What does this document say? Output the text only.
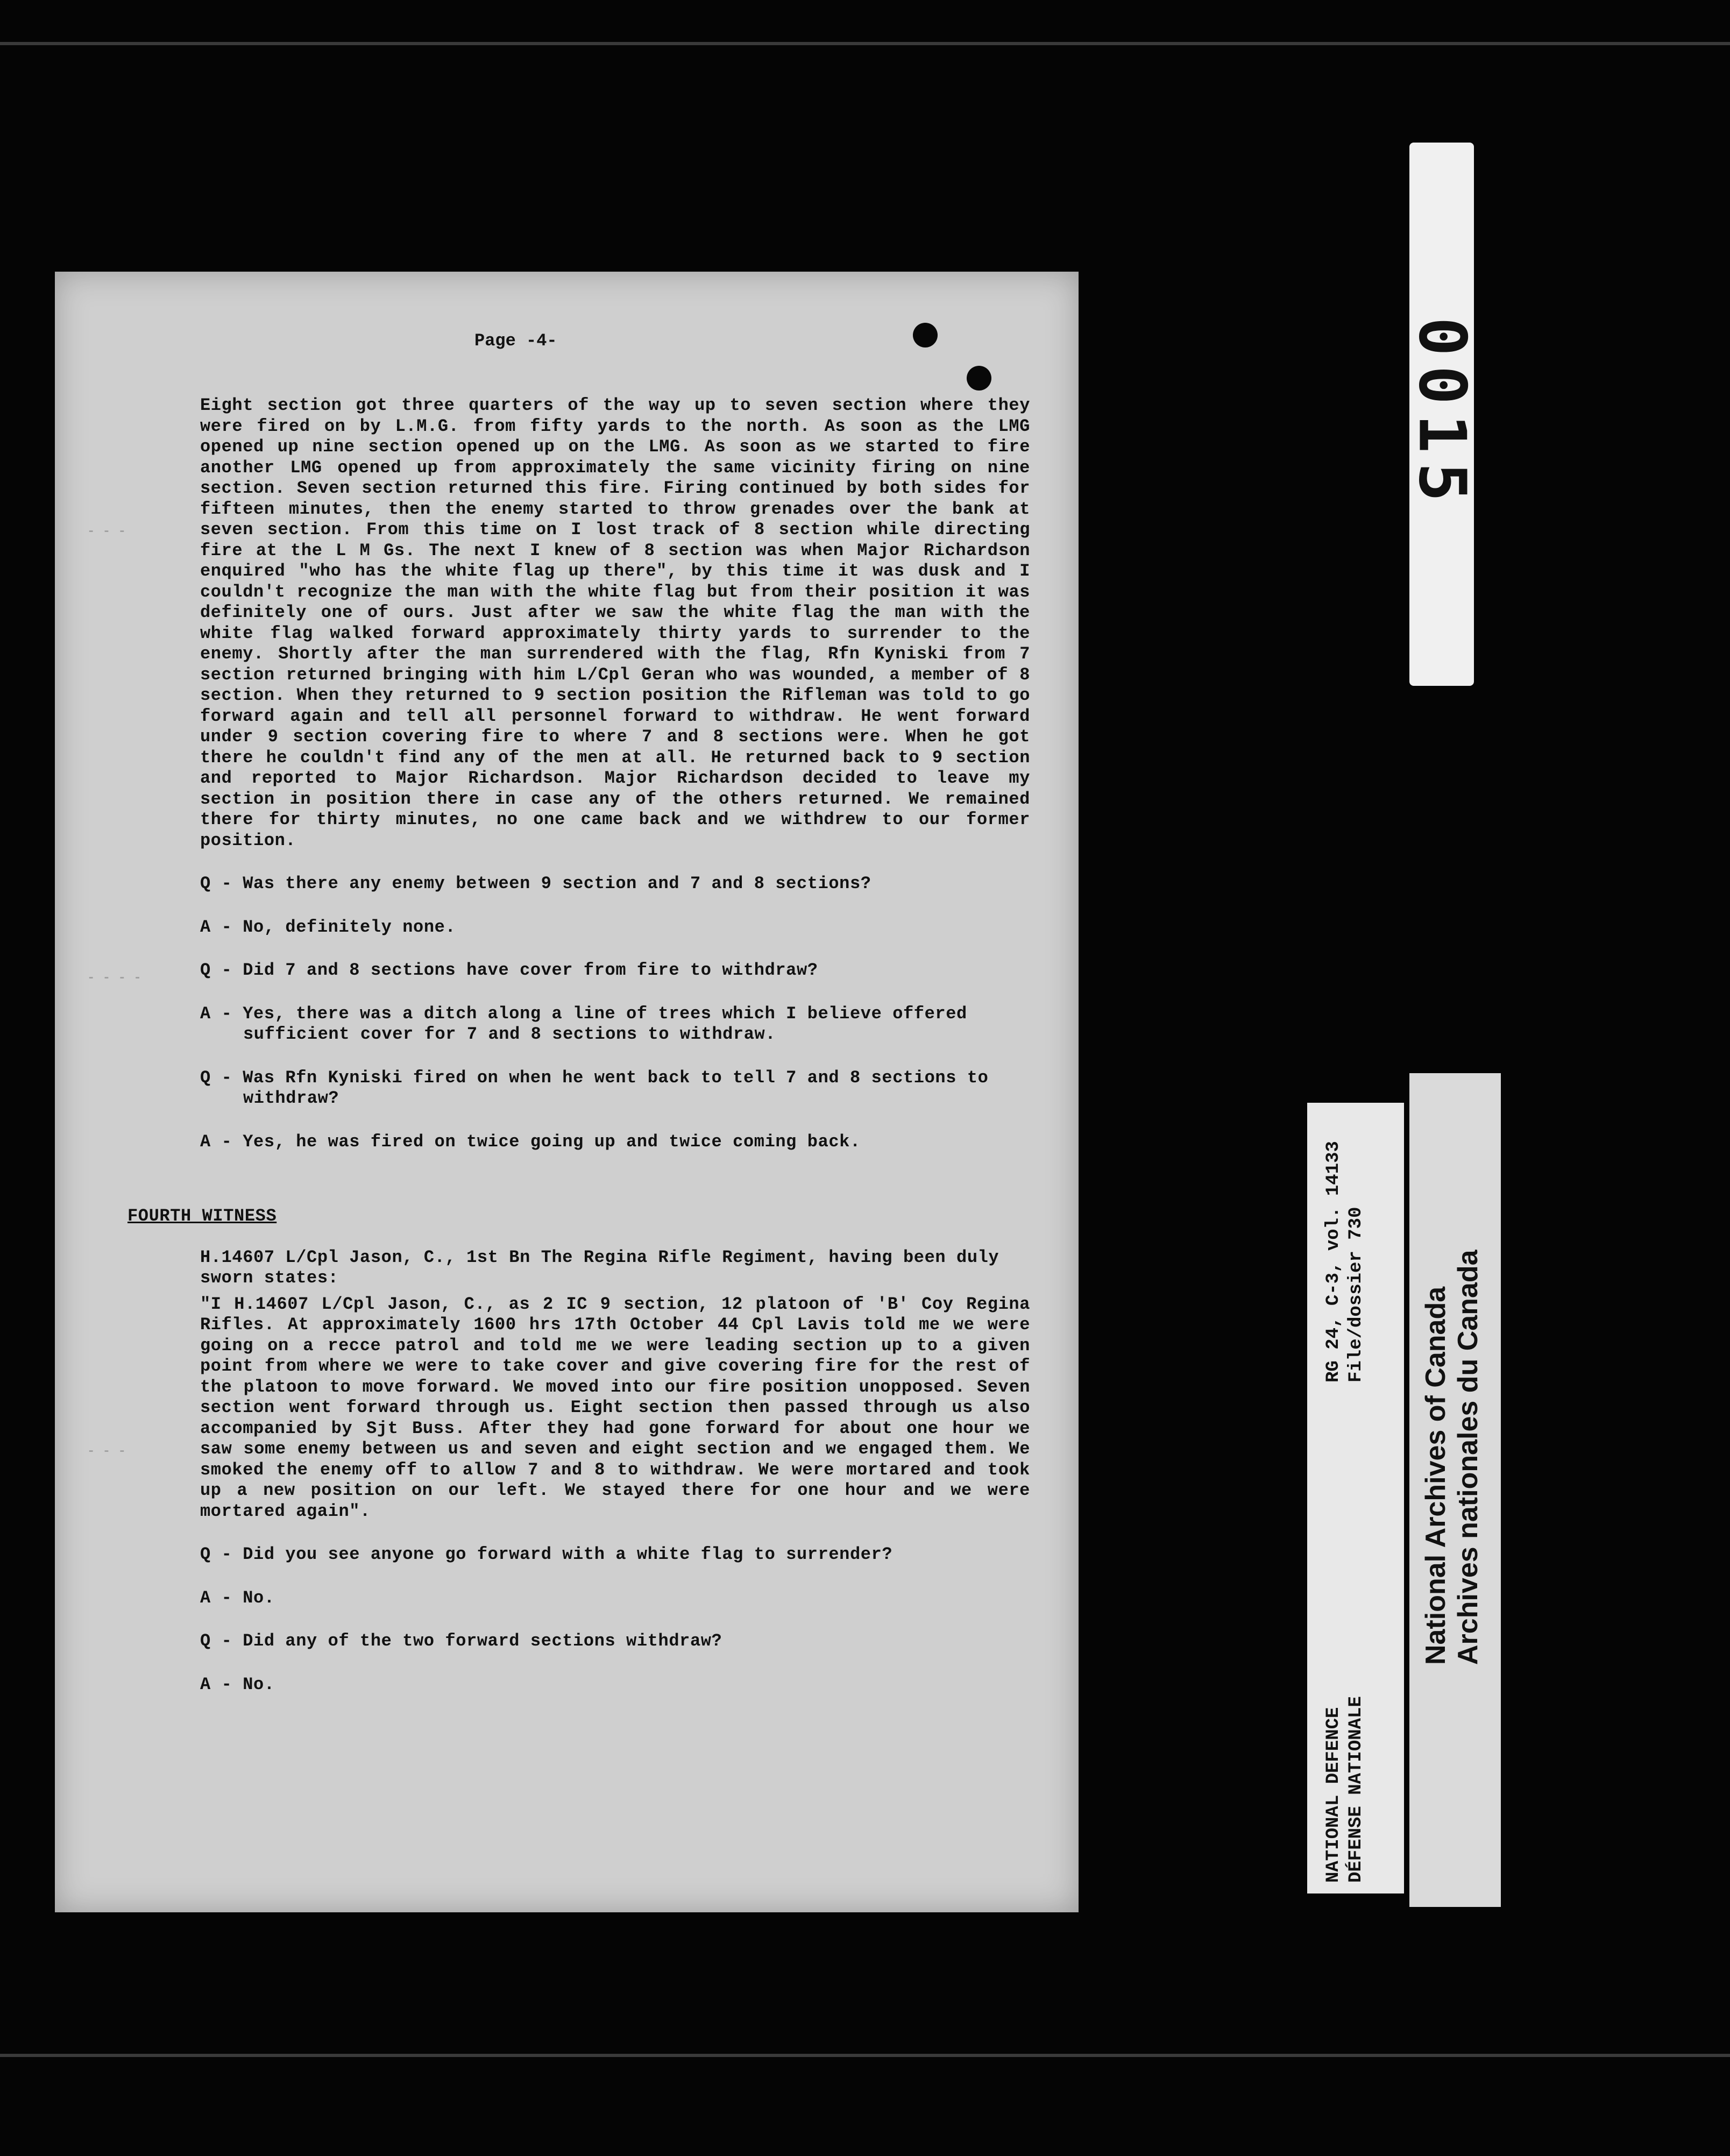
- - -
- - - -
- - -
Page -4-

Eight section got three quarters of the way up to seven section where they were fired on by L.M.G. from fifty yards to the north. As soon as the LMG opened up nine section opened up on the LMG. As soon as we started to fire another LMG opened up from approximately the same vicinity firing on nine section. Seven section returned this fire. Firing continued by both sides for fifteen minutes, then the enemy started to throw grenades over the bank at seven section. From this time on I lost track of 8 section while directing fire at the L M Gs. The next I knew of 8 section was when Major Richardson enquired "who has the white flag up there", by this time it was dusk and I couldn't recognize the man with the white flag but from their position it was definitely one of ours. Just after we saw the white flag the man with the white flag walked forward approximately thirty yards to surrender to the enemy. Shortly after the man surrendered with the flag, Rfn Kyniski from 7 section returned bringing with him L/Cpl Geran who was wounded, a member of 8 section. When they returned to 9 section position the Rifleman was told to go forward again and tell all personnel forward to withdraw. He went forward under 9 section covering fire to where 7 and 8 sections were. When he got there he couldn't find any of the men at all. He returned back to 9 section and reported to Major Richardson. Major Richardson decided to leave my section in position there in case any of the others returned. We remained there for thirty minutes, no one came back and we withdrew to our former position.

Q - Was there any enemy between 9 section and 7 and 8 sections?

A - No, definitely none.

Q - Did 7 and 8 sections have cover from fire to withdraw?

A - Yes, there was a ditch along a line of trees which I believe offered sufficient cover for 7 and 8 sections to withdraw.

Q - Was Rfn Kyniski fired on when he went back to tell 7 and 8 sections to withdraw?

A - Yes, he was fired on twice going up and twice coming back.

FOURTH WITNESS

H.14607 L/Cpl Jason, C., 1st Bn The Regina Rifle Regiment, having been duly sworn states:

"I H.14607 L/Cpl Jason, C., as 2 IC 9 section, 12 platoon of 'B' Coy Regina Rifles. At approximately 1600 hrs 17th October 44 Cpl Lavis told me we were going on a recce patrol and told me we were leading section up to a given point from where we were to take cover and give covering fire for the rest of the platoon to move forward. We moved into our fire position unopposed. Seven section went forward through us. Eight section then passed through us also accompanied by Sjt Buss. After they had gone forward for about one hour we saw some enemy between us and seven and eight section and we engaged them. We smoked the enemy off to allow 7 and 8 to withdraw. We were mortared and took up a new position on our left. We stayed there for one hour and we were mortared again".

Q - Did you see anyone go forward with a white flag to surrender?

A - No.

Q - Did any of the two forward sections withdraw?

A - No.

0015
NATIONAL DEFENCE DÉFENSE NATIONALE
RG 24, C-3, vol. 14133 File/dossier 730 National Archives of Canada Archives nationales du Canada
